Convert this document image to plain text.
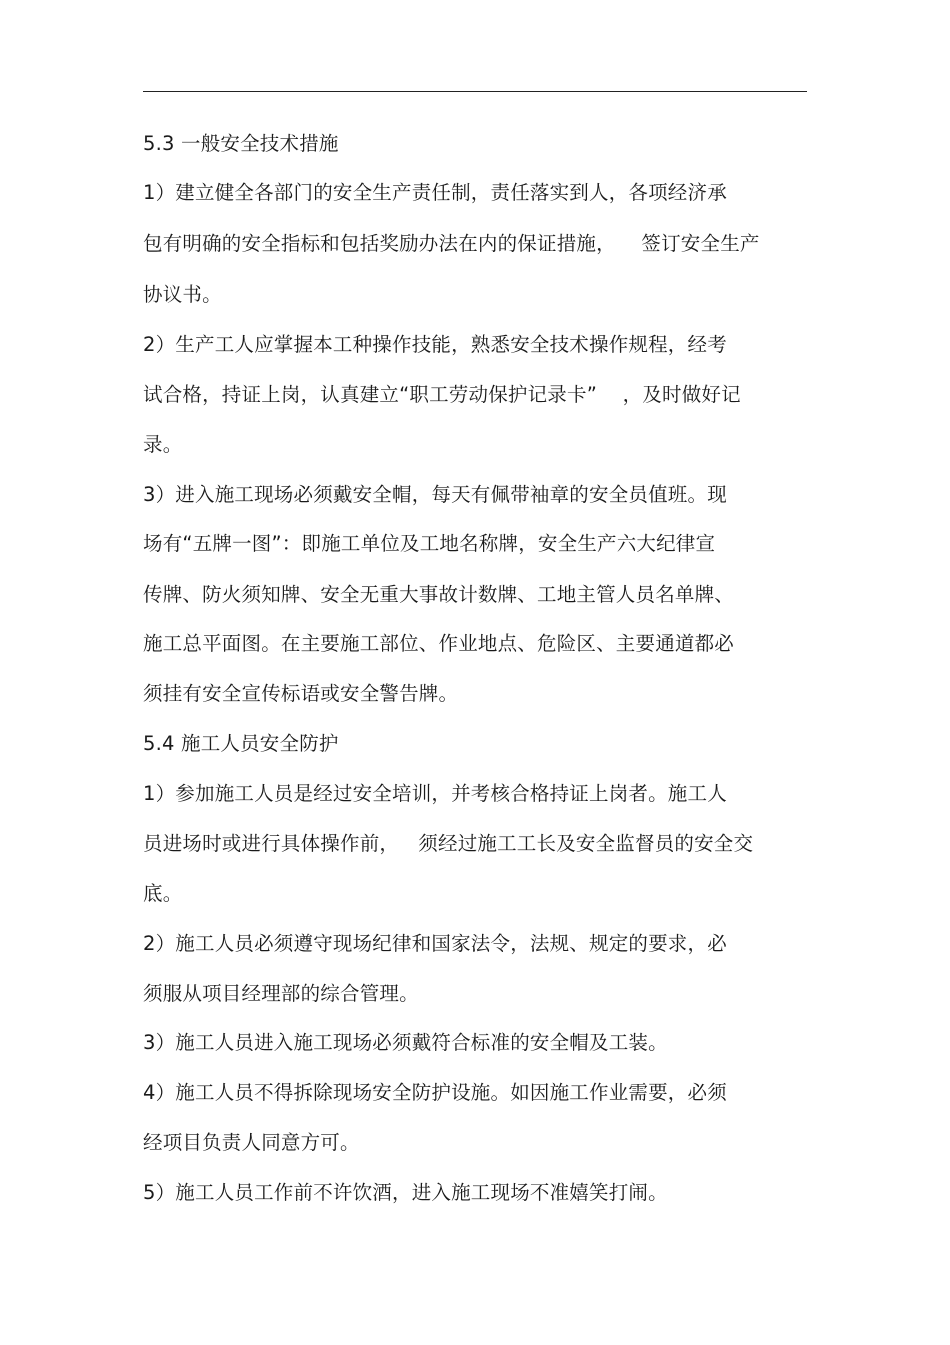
5.3 一般安全技术措施
1）建立健全各部门的安全生产责任制，责任落实到人，各项经济承
包有明确的安全指标和包括奖励办法在内的保证措施，    签订安全生产
协议书。
2）生产工人应掌握本工种操作技能，熟悉安全技术操作规程，经考
试合格，持证上岗，认真建立“职工劳动保护记录卡”    ，及时做好记
录。
3）进入施工现场必须戴安全帽，每天有佩带袖章的安全员值班。现
场有“五牌一图”：即施工单位及工地名称牌，安全生产六大纪律宣
传牌、防火须知牌、安全无重大事故计数牌、工地主管人员名单牌、
施工总平面图。在主要施工部位、作业地点、危险区、主要通道都必
须挂有安全宣传标语或安全警告牌。
5.4 施工人员安全防护
1）参加施工人员是经过安全培训，并考核合格持证上岗者。施工人
员进场时或进行具体操作前，   须经过施工工长及安全监督员的安全交
底。
2）施工人员必须遵守现场纪律和国家法令，法规、规定的要求，必
须服从项目经理部的综合管理。
3）施工人员进入施工现场必须戴符合标准的安全帽及工装。
4）施工人员不得拆除现场安全防护设施。如因施工作业需要，必须
经项目负责人同意方可。
5）施工人员工作前不许饮酒，进入施工现场不准嬉笑打闹。
